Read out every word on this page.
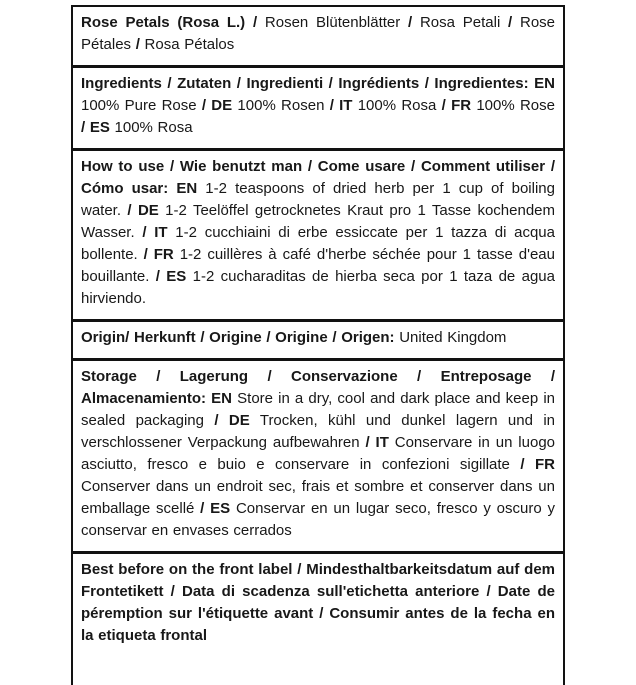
Rose Petals (Rosa L.) / Rosen Blütenblätter / Rosa Petali / Rose Pétales / Rosa Pétalos
Ingredients / Zutaten / Ingredienti / Ingrédients / Ingredientes: EN 100% Pure Rose / DE 100% Rosen / IT 100% Rosa / FR 100% Rose / ES 100% Rosa
How to use / Wie benutzt man / Come usare / Comment utiliser / Cómo usar: EN 1-2 teaspoons of dried herb per 1 cup of boiling water. / DE 1-2 Teelöffel getrocknetes Kraut pro 1 Tasse kochendem Wasser. / IT 1-2 cucchiaini di erbe essiccate per 1 tazza di acqua bollente. / FR 1-2 cuillères à café d'herbe séchée pour 1 tasse d'eau bouillante. / ES 1-2 cucharaditas de hierba seca por 1 taza de agua hirviendo.
Origin/ Herkunft / Origine / Origine / Origen: United Kingdom
Storage / Lagerung / Conservazione / Entreposage / Almacenamiento: EN Store in a dry, cool and dark place and keep in sealed packaging / DE Trocken, kühl und dunkel lagern und in verschlossener Verpackung aufbewahren / IT Conservare in un luogo asciutto, fresco e buio e conservare in confezioni sigillate / FR Conserver dans un endroit sec, frais et sombre et conserver dans un emballage scellé / ES Conservar en un lugar seco, fresco y oscuro y conservar en envases cerrados
Best before on the front label / Mindesthaltbarkeitsdatum auf dem Frontetikett / Data di scadenza sull'etichetta anteriore / Date de péremption sur l'étiquette avant / Consumir antes de la fecha en la etiqueta frontal
